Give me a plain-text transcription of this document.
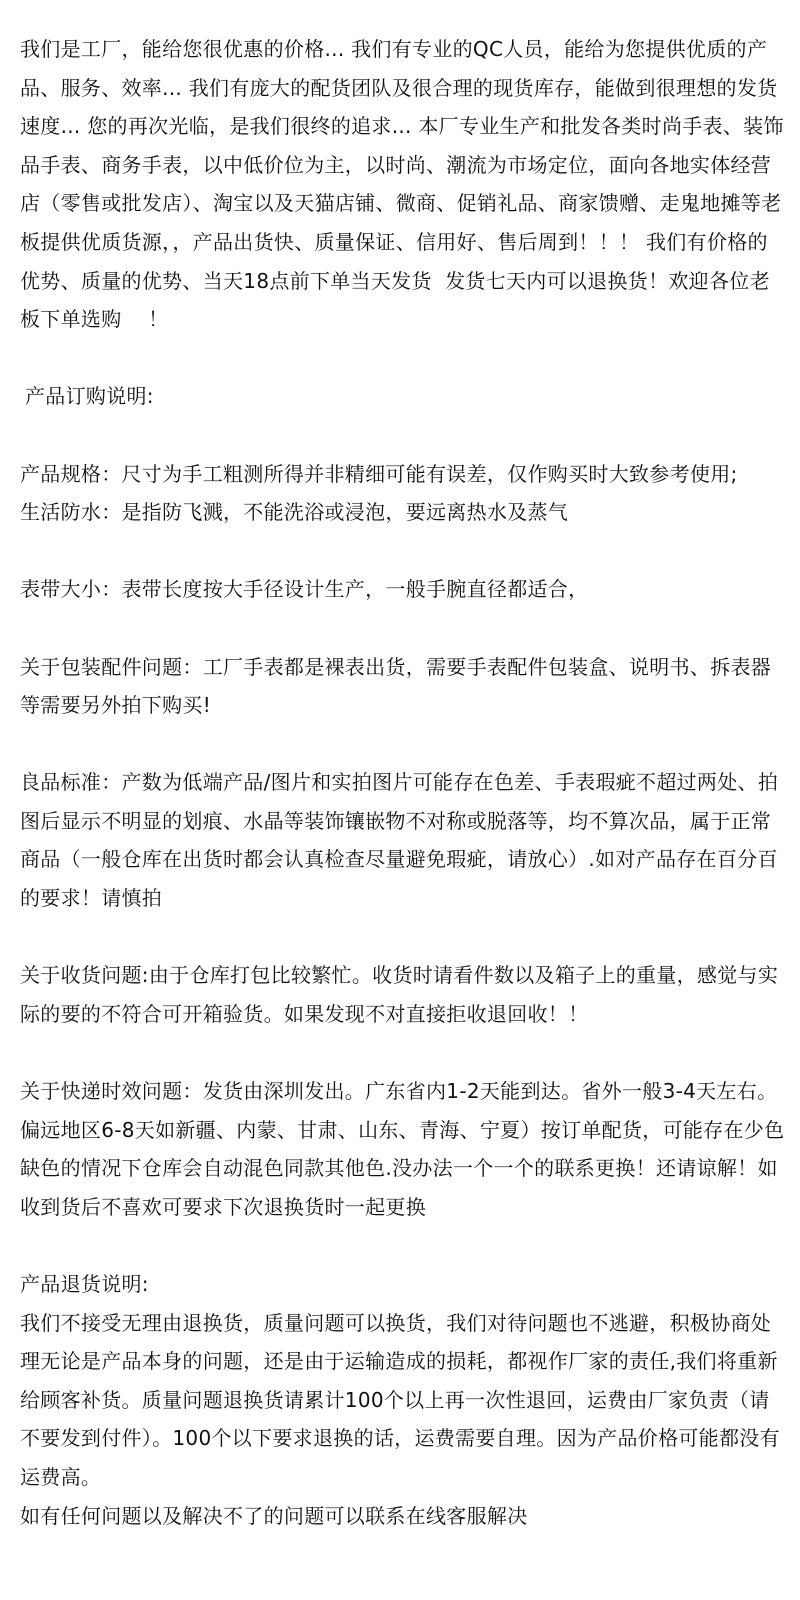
我们是工厂，能给您很优惠的价格... 我们有专业的QC人员，能给为您提供优质的产品、服务、效率... 我们有庞大的配货团队及很合理的现货库存，能做到很理想的发货速度... 您的再次光临，是我们很终的追求... 本厂专业生产和批发各类时尚手表、装饰品手表、商务手表，以中低价位为主，以时尚、潮流为市场定位，面向各地实体经营店（零售或批发店）、淘宝以及天猫店铺、微商、促销礼品、商家馈赠、走鬼地摊等老板提供优质货源，，产品出货快、质量保证、信用好、售后周到！！！ 我们有价格的优势、质量的优势、当天18点前下单当天发货  发货七天内可以退换货！欢迎各位老板下单选购    ！

产品订购说明:

产品规格：尺寸为手工粗测所得并非精细可能有误差，仅作购买时大致参考使用;

生活防水：是指防飞溅，不能洗浴或浸泡，要远离热水及蒸气

表带大小：表带长度按大手径设计生产，一般手腕直径都适合，

关于包装配件问题：工厂手表都是裸表出货，需要手表配件包装盒、说明书、拆表器等需要另外拍下购买!

良品标准：产数为低端产品/图片和实拍图片可能存在色差、手表瑕疵不超过两处、拍图后显示不明显的划痕、水晶等装饰镶嵌物不对称或脱落等，均不算次品，属于正常商品（一般仓库在出货时都会认真检查尽量避免瑕疵，请放心）.如对产品存在百分百的要求！请慎拍

关于收货问题:由于仓库打包比较繁忙。收货时请看件数以及箱子上的重量，感觉与实际的要的不符合可开箱验货。如果发现不对直接拒收退回收！！

关于快递时效问题：发货由深圳发出。广东省内1-2天能到达。省外一般3-4天左右。偏远地区6-8天如新疆、内蒙、甘肃、山东、青海、宁夏）按订单配货，可能存在少色缺色的情况下仓库会自动混色同款其他色.没办法一个一个的联系更换！还请谅解！如收到货后不喜欢可要求下次退换货时一起更换

产品退货说明:

我们不接受无理由退换货，质量问题可以换货，我们对待问题也不逃避，积极协商处理无论是产品本身的问题，还是由于运输造成的损耗，都视作厂家的责任,我们将重新给顾客补货。质量问题退换货请累计100个以上再一次性退回，运费由厂家负责（请不要发到付件）。100个以下要求退换的话，运费需要自理。因为产品价格可能都没有运费高。

如有任何问题以及解决不了的问题可以联系在线客服解决
